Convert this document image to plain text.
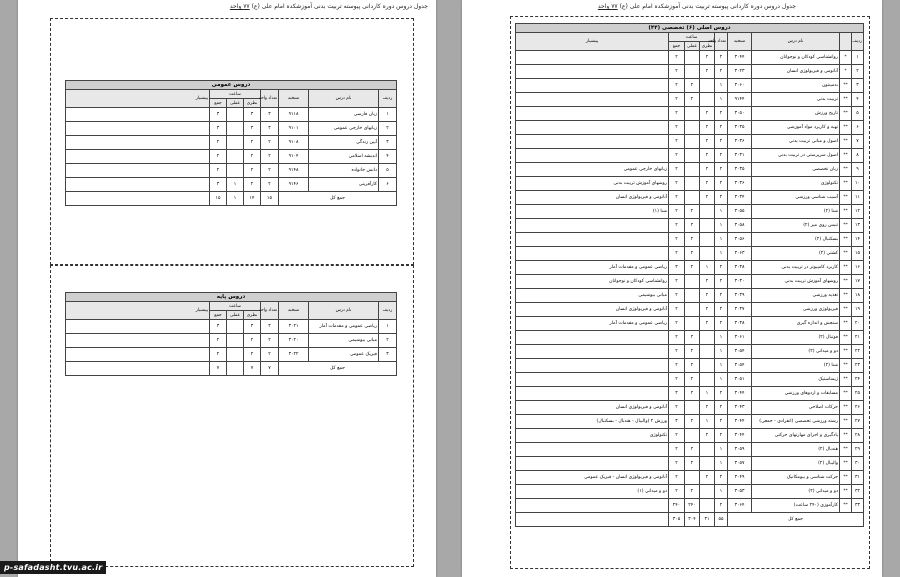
جدول دروس دوره کاردانی پیوسته تربیت بدنی آموزشکده امام علی (ع) ۷۷ واحد
دروس عمومی							
ردیف	نام درس	منتخبه	تعداد واحد	ساعت			پیشنیاز
				نظری	عملی	جمع	
۱	زبان فارسی	۹۱۱۸	۳	۳		۳	
۲	زبانهای خارجی عمومی	۹۱۰۱	۳	۳		۳	
۳	آیین زندگی	۹۱۰۸	۲	۲		۲	
۴	اندیشه اسلامی	۹۱۰۴	۲	۲		۲	
۵	دانش خانواده	۹۱۴۸	۲	۲		۲	
۶	کارآفرینی	۹۱۴۶	۲	۲	۱	۳	
جمع کل			۱۵	۱۴	۱	۱۵	
دروس پایه							
ردیف	نام درس	منتخبه	تعداد واحد	ساعت			پیشنیاز
				نظری	عملی	جمع	
۱	ریاضی عمومی و مقدمات آمار	۳۰۲۱	۳	۳		۳	
۲	مبانی بیوشیمی	۳۰۲۰	۲	۲		۲	
۳	فیزیک عمومی	۳۰۲۲	۲	۲		۲	
جمع کل			۷	۷		۷	
جدول دروس دوره کاردانی پیوسته تربیت بدنی آموزشکده امام علی (ع) ۷۷ واحد
دروس اصلی (۶) تخصصی (۴۴)								
ردیف		نام درس	منتخبه	تعداد واحد	ساعت			پیشنیاز
					نظری	عملی	جمع	
۱	*	روانشناسی کودکان و نوجوانان	۳۰۴۴	۲	۲		۲	
۲	*	آناتومی و فیزیولوژی انسان	۳۰۲۳	۲	۲		۲	
۳	**	بدمینتون	۳۰۶۰	۱		۲	۲	
۴	**	تربیت بدنی	۹۱۴۴	۱		۲	۲	
۵	**	تاریخ ورزش	۳۰۵۰	۲	۲		۲	
۶	**	تهیه و کاربرد مواد آموزشی	۳۰۳۵	۲	۲		۲	
۷	**	اصول و مبانی تربیت بدنی	۳۰۳۶	۲	۲		۲	
۸	**	اصول سرپرستی در تربیت بدنی	۳۰۳۱	۲	۲		۲	
۹	**	زبان تخصصی	۳۰۳۵	۲	۲		۲	زبانهای خارجی عمومی
۱۰	**	تکنولوژی	۳۰۳۶	۲	۲		۲	روشهای آموزش تربیت بدنی
۱۱	**	آسیب شناسی ورزشی	۳۰۳۴	۲	۲		۲	آناتومی و فیزیولوژی انسان
۱۲	**	شنا (۲)	۳۰۵۵	۱		۲	۲	شنا (۱)
۱۳	**	تنیس روی میز (۲)	۳۰۵۸	۱		۲	۲	
۱۴	**	بسکتبال (۲)	۳۰۵۶	۱		۲	۲	
۱۵	**	کشتی (۲)	۳۰۶۳	۱		۲	۲	
۱۶	**	کاربرد کامپیوتر در تربیت بدنی	۳۰۳۸	۲	۱	۲	۳	ریاضی عمومی و مقدمات آمار
۱۷	**	روشهای آموزش تربیت بدنی	۳۰۳۰	۲	۲		۲	روانشناسی کودکان و نوجوانان
۱۸	**	تغذیه ورزشی	۳۰۳۹	۲	۲		۲	مبانی بیوشیمی
۱۹	**	فیزیولوژی ورزشی	۳۰۳۷	۲	۲		۲	آناتومی و فیزیولوژی انسان
۲۰	**	سنجش و اندازه گیری	۳۰۳۸	۲	۲		۲	ریاضی عمومی و مقدمات آمار
۲۱	**	فوتبال (۲)	۳۰۶۱	۱		۲	۲	
۲۲	**	دو و میدانی (۲)	۳۰۵۴	۱		۲	۲	
۲۳	**	شنا (۲)	۳۰۵۴	۱		۲	۲	
۲۴	**	ژیمناستیک	۳۰۵۱	۱		۲	۲	
۲۵	**	مسابقات و اردوهای ورزشی	۳۰۴۴	۲	۱	۲	۳	
۲۶	**	حرکات اصلاحی	۳۰۴۳	۲	۲		۲	آناتومی و فیزیولوژی انسان
۲۷	**	رشته ورزشی تخصصی (انفرادی - جمعی)	۳۰۴۴	۲	۱	۲	۳	ورزش ۲ (والیبال - هندبال - بسکتبال)
۲۸	**	یادگیری و اجرای مهارتهای حرکتی	۳۰۴۴	۲	۲		۲	تکنولوژی
۲۹	**	هندبال (۲)	۳۰۵۹	۱		۲	۲	
۳۰	**	والیبال (۲)	۳۰۵۷	۱		۲	۲	
۳۱	**	حرکت شناسی و بیومکانیک	۳۰۴۹	۲	۲		۲	آناتومی و فیزیولوژی انسان - فیزیک عمومی
۳۲	**	دو و میدانی (۲)	۳۰۵۳	۱		۲	۲	دو و میدانی (۱)
۳۳	**	کارآموزی (۲۴۰ ساعت)	۳۰۶۴	۲		۲۴۰	۲۴۰	
جمع کل				۵۵	۳۱	۳۰۴	۳۰۵	
p-safadasht.tvu.ac.ir
